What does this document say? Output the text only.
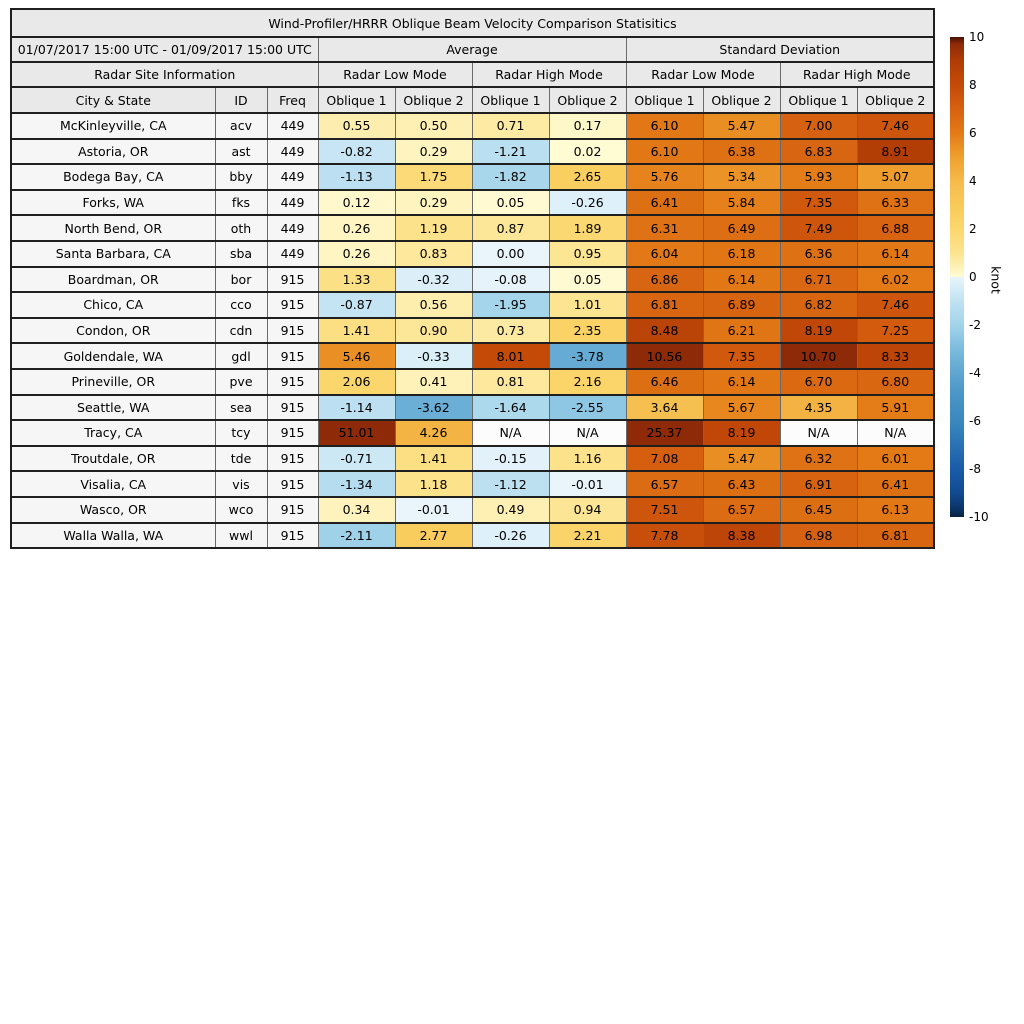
Wind-Profiler/HRRR Oblique Beam Velocity Comparison Statisitics										
01/07/2017 15:00 UTC - 01/09/2017 15:00 UTC			Average				Standard Deviation			
Radar Site Information			Radar Low Mode		Radar High Mode		Radar Low Mode		Radar High Mode	
City & State	ID	Freq	Oblique 1	Oblique 2	Oblique 1	Oblique 2	Oblique 1	Oblique 2	Oblique 1	Oblique 2
McKinleyville, CA	acv	449	0.55	0.50	0.71	0.17	6.10	5.47	7.00	7.46
Astoria, OR	ast	449	-0.82	0.29	-1.21	0.02	6.10	6.38	6.83	8.91
Bodega Bay, CA	bby	449	-1.13	1.75	-1.82	2.65	5.76	5.34	5.93	5.07
Forks, WA	fks	449	0.12	0.29	0.05	-0.26	6.41	5.84	7.35	6.33
North Bend, OR	oth	449	0.26	1.19	0.87	1.89	6.31	6.49	7.49	6.88
Santa Barbara, CA	sba	449	0.26	0.83	0.00	0.95	6.04	6.18	6.36	6.14
Boardman, OR	bor	915	1.33	-0.32	-0.08	0.05	6.86	6.14	6.71	6.02
Chico, CA	cco	915	-0.87	0.56	-1.95	1.01	6.81	6.89	6.82	7.46
Condon, OR	cdn	915	1.41	0.90	0.73	2.35	8.48	6.21	8.19	7.25
Goldendale, WA	gdl	915	5.46	-0.33	8.01	-3.78	10.56	7.35	10.70	8.33
Prineville, OR	pve	915	2.06	0.41	0.81	2.16	6.46	6.14	6.70	6.80
Seattle, WA	sea	915	-1.14	-3.62	-1.64	-2.55	3.64	5.67	4.35	5.91
Tracy, CA	tcy	915	51.01	4.26	N/A	N/A	25.37	8.19	N/A	N/A
Troutdale, OR	tde	915	-0.71	1.41	-0.15	1.16	7.08	5.47	6.32	6.01
Visalia, CA	vis	915	-1.34	1.18	-1.12	-0.01	6.57	6.43	6.91	6.41
Wasco, OR	wco	915	0.34	-0.01	0.49	0.94	7.51	6.57	6.45	6.13
Walla Walla, WA	wwl	915	-2.11	2.77	-0.26	2.21	7.78	8.38	6.98	6.81
10
8
6
4
2
0
-2
-4
-6
-8
-10
knot
